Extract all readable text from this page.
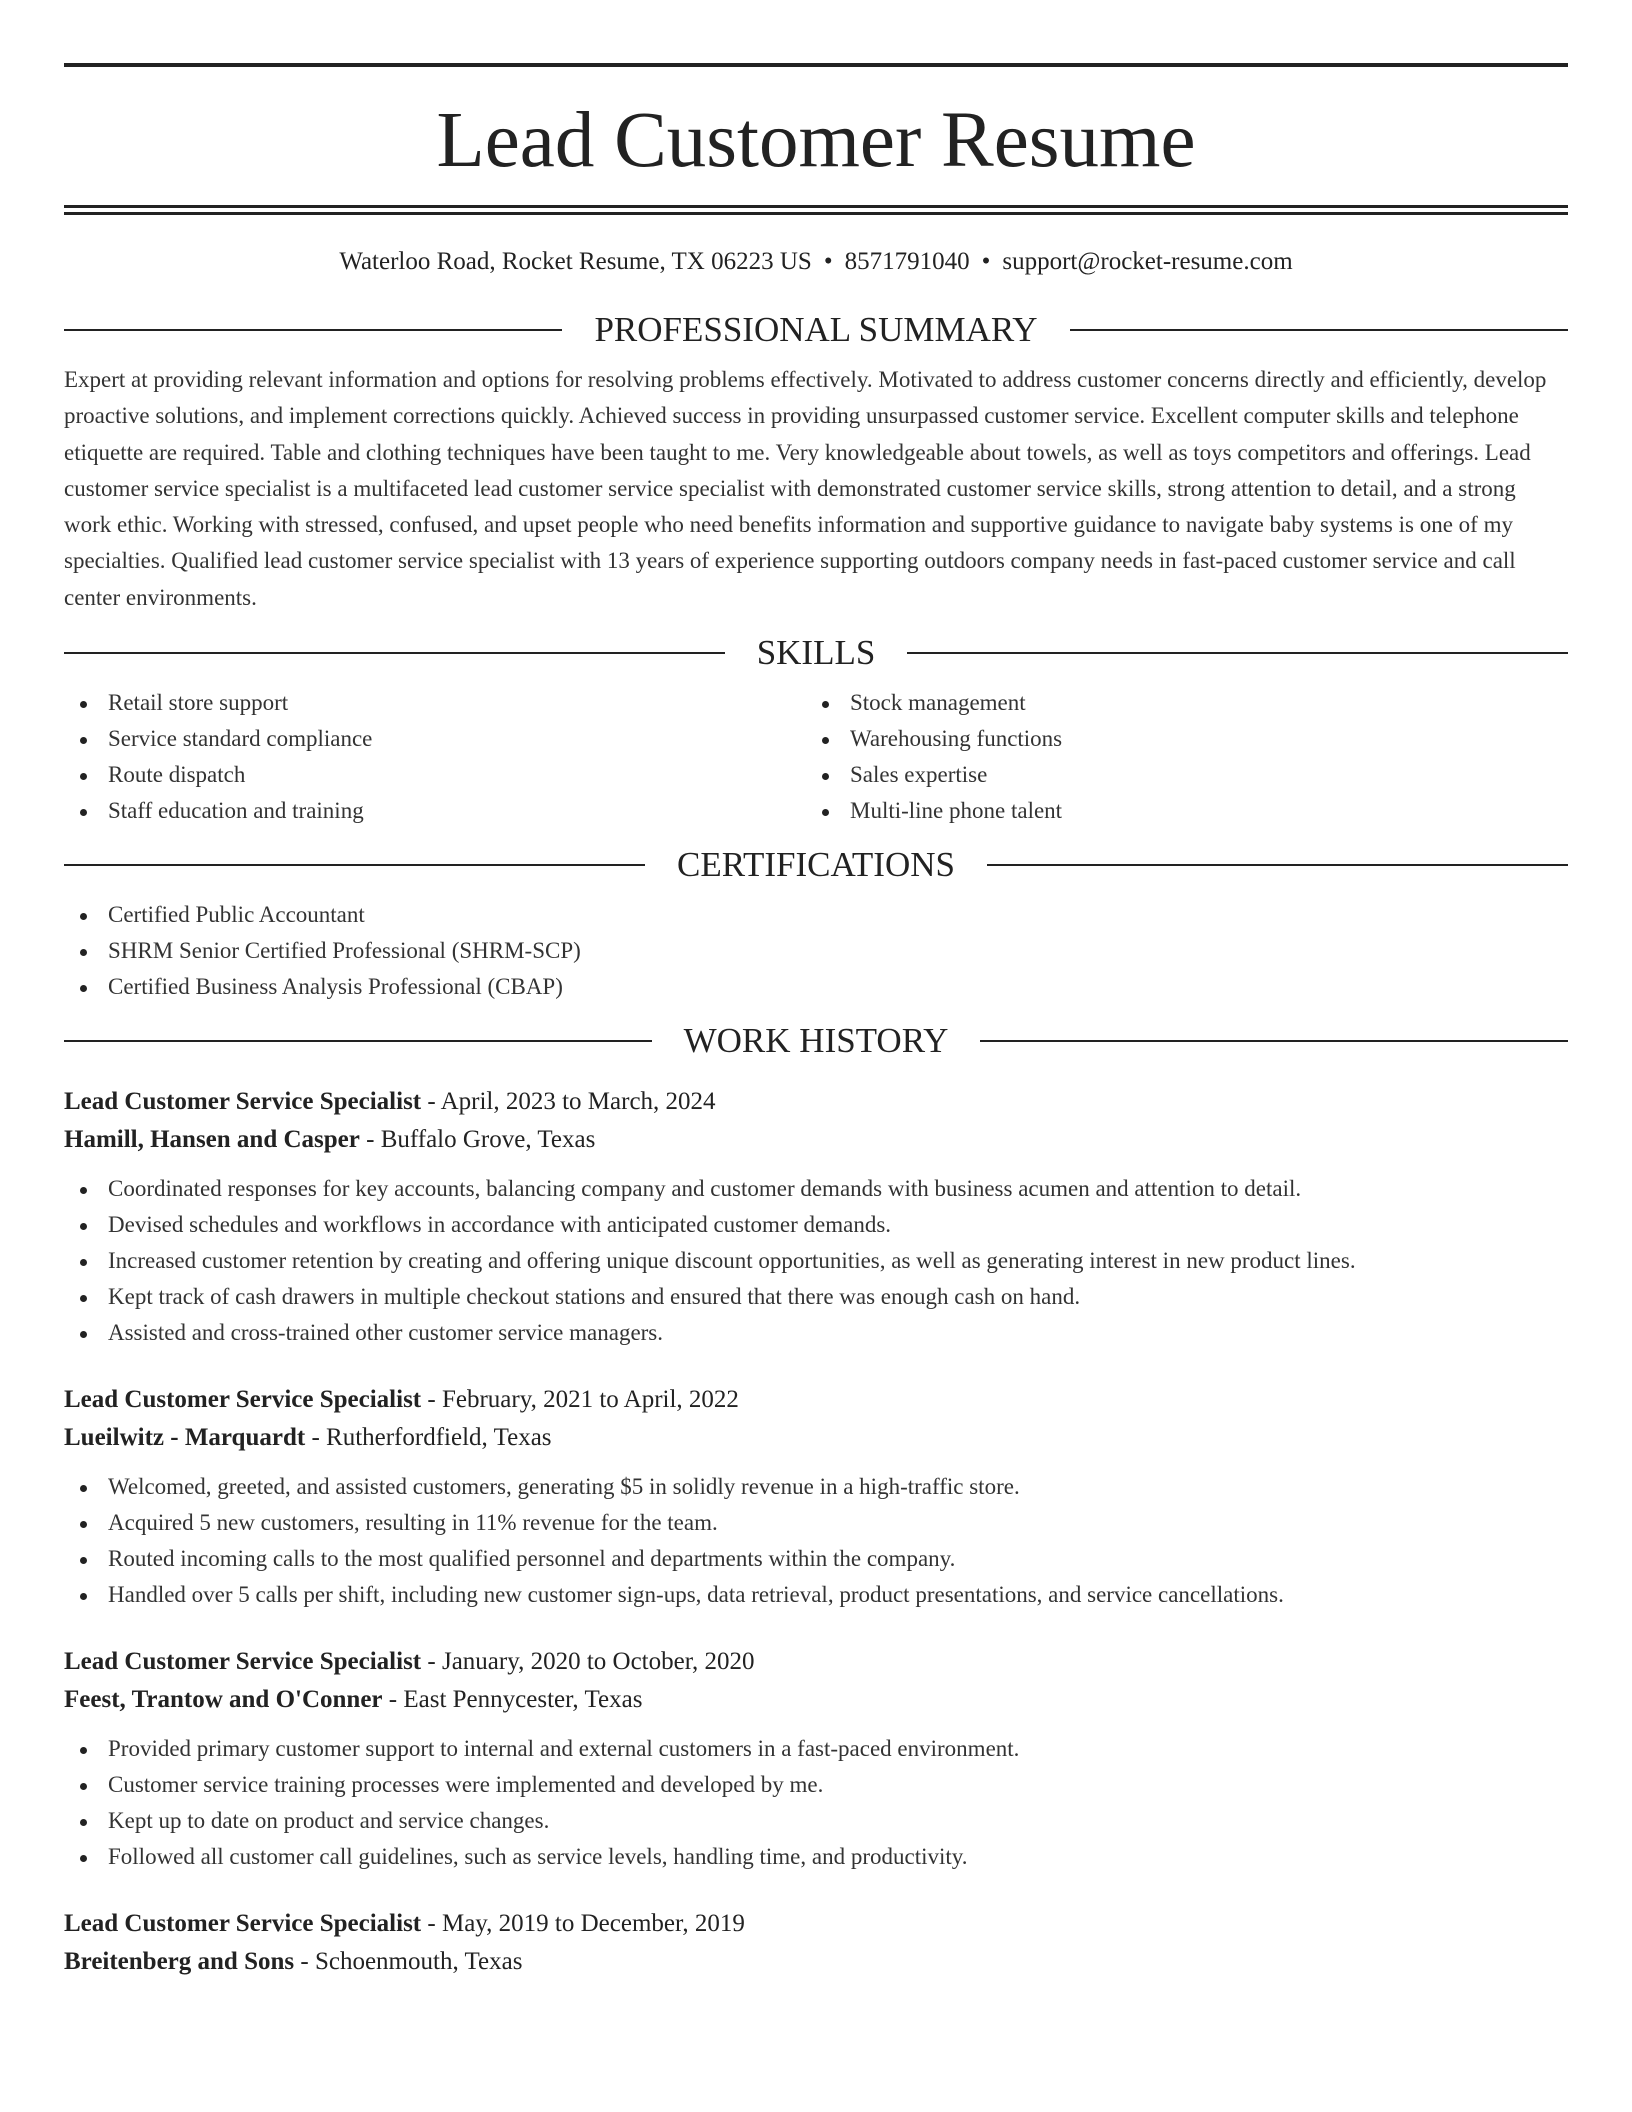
Lead Customer Resume
Waterloo Road, Rocket Resume, TX 06223 US • 8571791040 • support@rocket-resume.com
PROFESSIONAL SUMMARY
Expert at providing relevant information and options for resolving problems effectively. Motivated to address customer concerns directly and efficiently, develop proactive solutions, and implement corrections quickly. Achieved success in providing unsurpassed customer service. Excellent computer skills and telephone etiquette are required. Table and clothing techniques have been taught to me. Very knowledgeable about towels, as well as toys competitors and offerings. Lead customer service specialist is a multifaceted lead customer service specialist with demonstrated customer service skills, strong attention to detail, and a strong work ethic. Working with stressed, confused, and upset people who need benefits information and supportive guidance to navigate baby systems is one of my specialties. Qualified lead customer service specialist with 13 years of experience supporting outdoors company needs in fast-paced customer service and call center environments.
SKILLS
Retail store support
Service standard compliance
Route dispatch
Staff education and training
Stock management
Warehousing functions
Sales expertise
Multi-line phone talent
CERTIFICATIONS
Certified Public Accountant
SHRM Senior Certified Professional (SHRM-SCP)
Certified Business Analysis Professional (CBAP)
WORK HISTORY
Lead Customer Service Specialist - April, 2023 to March, 2024
Hamill, Hansen and Casper - Buffalo Grove, Texas
Coordinated responses for key accounts, balancing company and customer demands with business acumen and attention to detail.
Devised schedules and workflows in accordance with anticipated customer demands.
Increased customer retention by creating and offering unique discount opportunities, as well as generating interest in new product lines.
Kept track of cash drawers in multiple checkout stations and ensured that there was enough cash on hand.
Assisted and cross-trained other customer service managers.
Lead Customer Service Specialist - February, 2021 to April, 2022
Lueilwitz - Marquardt - Rutherfordfield, Texas
Welcomed, greeted, and assisted customers, generating $5 in solidly revenue in a high-traffic store.
Acquired 5 new customers, resulting in 11% revenue for the team.
Routed incoming calls to the most qualified personnel and departments within the company.
Handled over 5 calls per shift, including new customer sign-ups, data retrieval, product presentations, and service cancellations.
Lead Customer Service Specialist - January, 2020 to October, 2020
Feest, Trantow and O'Conner - East Pennycester, Texas
Provided primary customer support to internal and external customers in a fast-paced environment.
Customer service training processes were implemented and developed by me.
Kept up to date on product and service changes.
Followed all customer call guidelines, such as service levels, handling time, and productivity.
Lead Customer Service Specialist - May, 2019 to December, 2019
Breitenberg and Sons - Schoenmouth, Texas
